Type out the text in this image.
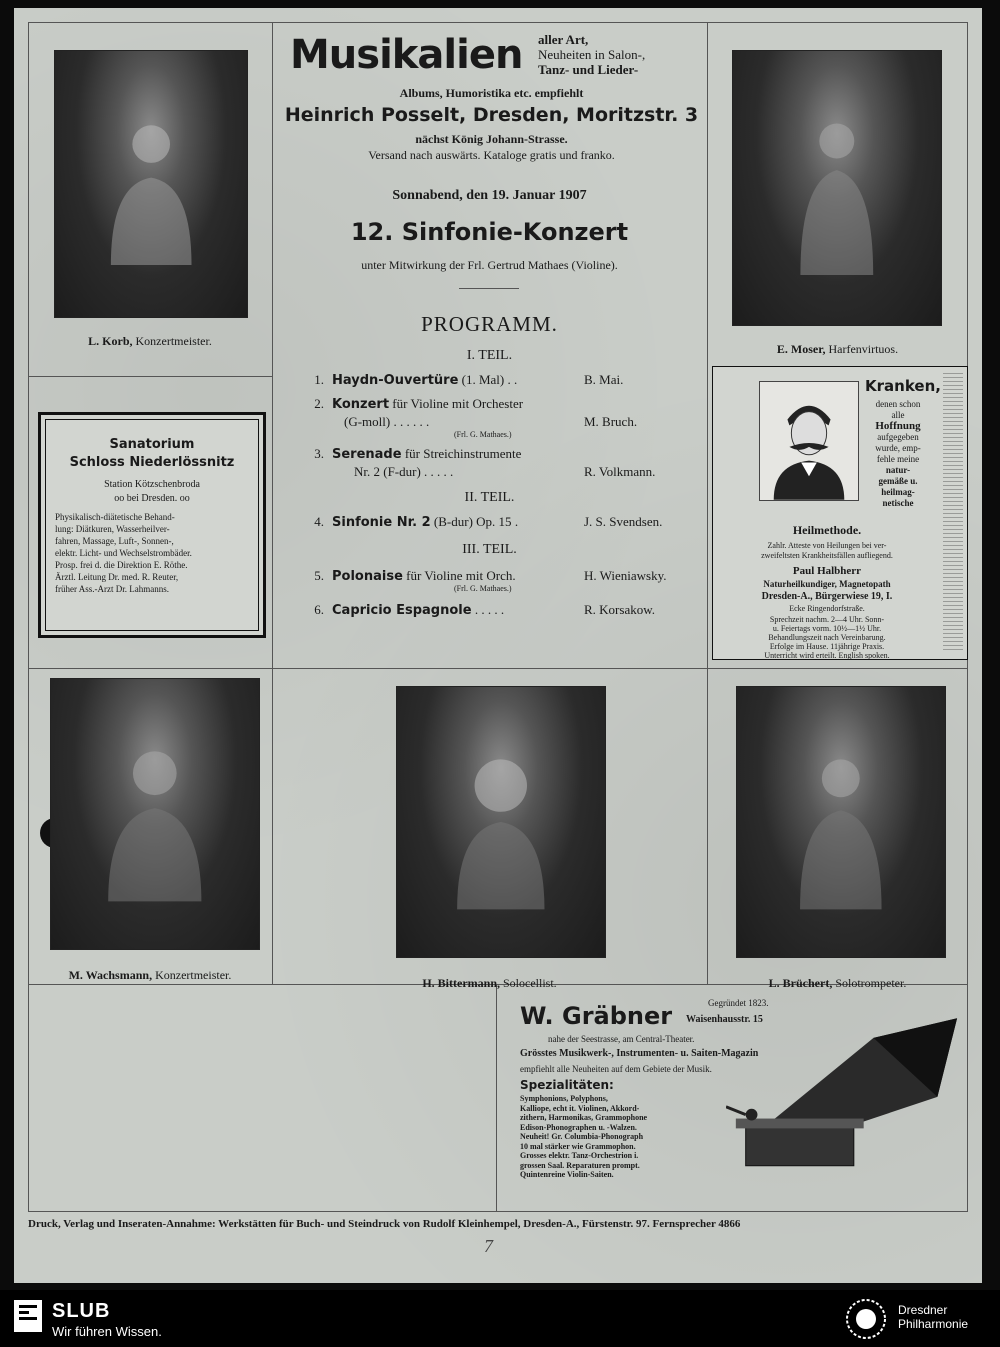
L. Korb, Konzertmeister.
E. Moser, Harfenvirtuos.
M. Wachsmann, Konzertmeister.
H. Bittermann, Solocellist.	L. Brüchert, Solotrompeter.
Musikalien aller Art,
Neuheiten in Salon-,
Tanz- und Lieder-
Albums, Humoristika etc. empfiehlt
Heinrich Posselt, Dresden, Moritzstr. 3
nächst König Johann-Strasse.
Versand nach auswärts. Kataloge gratis und franko.
Sonnabend, den 19. Januar 1907
12. Sinfonie-Konzert
unter Mitwirkung der Frl. Gertrud Mathaes (Violine).
PROGRAMM.
I. TEIL.
1. Haydn-Ouvertüre (1. Mal) . .	B. Mai.
2. Konzert für Violine mit Orchester
(G-moll) . . . . . .
(Frl. G. Mathaes.)
M. Bruch.
3. Serenade für Streichinstrumente
Nr. 2 (F-dur) . . . . .	R. Volkmann.
II. TEIL.
4. Sinfonie Nr. 2 (B-dur) Op. 15 .	J. S. Svendsen.
III. TEIL.
5. Polonaise für Violine mit Orch.
(Frl. G. Mathaes.)
H. Wieniawsky.
6. Capricio Espagnole . . . . .	R. Korsakow.
Sanatorium
Schloss Niederlössnitz
Station Kötzschenbroda
oo bei Dresden. oo
Physikalisch-diätetische Behand-
lung: Diätkuren, Wasserheilver-
fahren, Massage, Luft-, Sonnen-,
elektr. Licht- und Wechselstrombäder.
Prosp. frei d. die Direktion E. Röthe.
Ärztl. Leitung Dr. med. R. Reuter,
früher Ass.-Arzt Dr. Lahmanns.
Kranken,
denen schon
alle
Hoffnung
aufgegeben
wurde, emp-
fehle meine
natur-
gemäße u.
heilmag-
netische
Heilmethode.
Zahlr. Atteste von Heilungen bei ver-
zweifeltsten Krankheitsfällen aufliegend.
Paul Halbherr
Naturheilkundiger, Magnetopath
Dresden-A., Bürgerwiese 19, I.
Ecke Ringendorfstraße.
Sprechzeit nachm. 2—4 Uhr. Sonn-
u. Feiertags vorm. 10½—1½ Uhr.
Behandlungszeit nach Vereinbarung.
Erfolge im Hause. 11jährige Praxis.
Unterricht wird erteilt. English spoken.
W. Gräbner	Gegründet 1823.
Waisenhausstr. 15
nahe der Seestrasse, am Central-Theater.
Grösstes Musikwerk-, Instrumenten- u. Saiten-Magazin
empfiehlt alle Neuheiten auf dem Gebiete der Musik.
Spezialitäten:
Symphonions, Polyphons,
Kalliope, echt it. Violinen, Akkord-
zithern, Harmonikas, Grammophone
Edison-Phonographen u. -Walzen.
Neuheit! Gr. Columbia-Phonograph
10 mal stärker wie Grammophon.
Grosses elektr. Tanz-Orchestrion i.
grossen Saal. Reparaturen prompt.
Quintenreine Violin-Saiten.
Druck, Verlag und Inseraten-Annahme: Werkstätten für Buch- und Steindruck von Rudolf Kleinhempel, Dresden-A., Fürstenstr. 97. Fernsprecher 4866
7
SLUB
Wir führen Wissen.
Dresdner
Philharmonie
